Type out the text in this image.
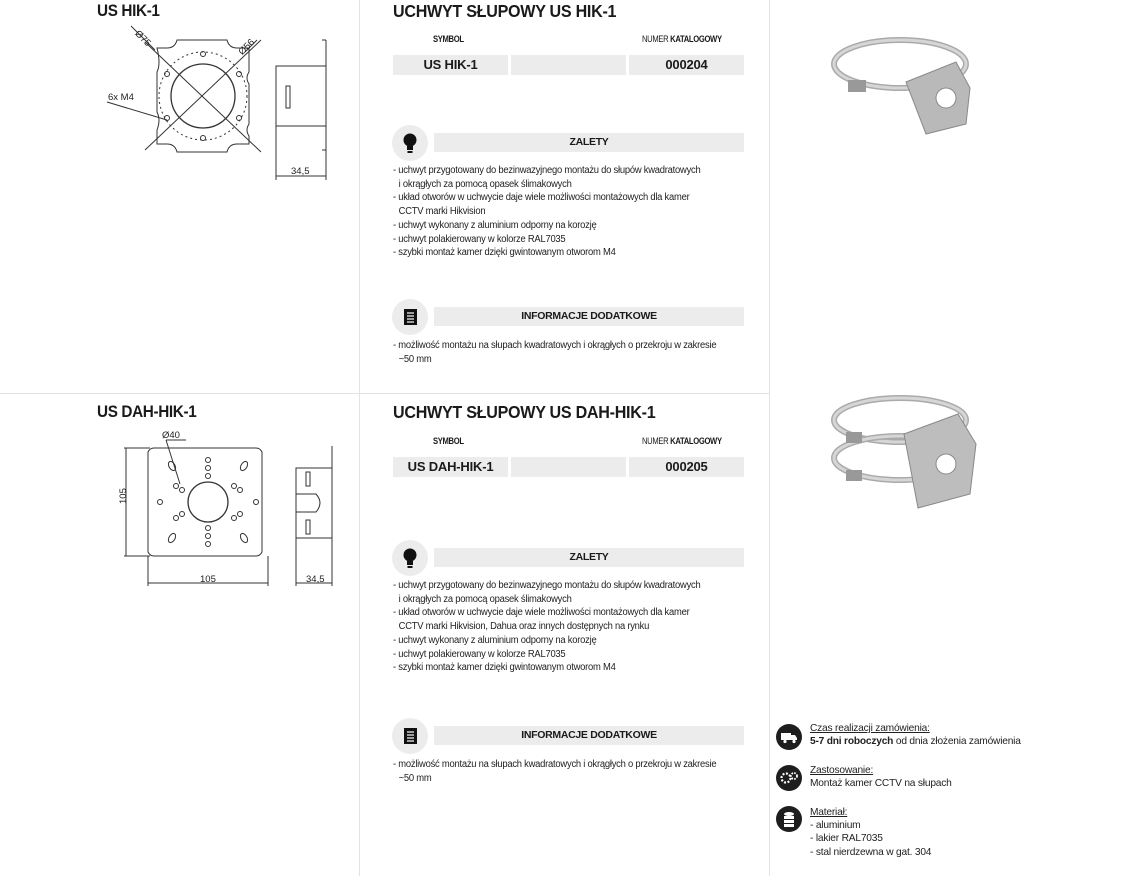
US HIK-1
Ø75	Ø56
6x M4
34,5
UCHWYT SŁUPOWY US HIK-1
SYMBOL	NUMER KATALOGOWY
US HIK-1	000204
ZALETY
- uchwyt przygotowany do bezinwazyjnego montażu do słupów kwadratowych
i okrągłych za pomocą opasek ślimakowych
- układ otworów w uchwycie daje wiele możliwości montażowych dla kamer
CCTV marki Hikvision
- uchwyt wykonany z aluminium odporny na korozję
- uchwyt polakierowany w kolorze RAL7035
- szybki montaż kamer dzięki gwintowanym otworom M4
INFORMACJE DODATKOWE
- możliwość montażu na słupach kwadratowych i okrągłych o przekroju w zakresie
~50 mm
US DAH-HIK-1
Ø40
105
105	34,5
UCHWYT SŁUPOWY US DAH-HIK-1
SYMBOL	NUMER KATALOGOWY
US DAH-HIK-1	000205
ZALETY
- uchwyt przygotowany do bezinwazyjnego montażu do słupów kwadratowych
i okrągłych za pomocą opasek ślimakowych
- układ otworów w uchwycie daje wiele możliwości montażowych dla kamer
CCTV marki Hikvision, Dahua oraz innych dostępnych na rynku
- uchwyt wykonany z aluminium odporny na korozję
- uchwyt polakierowany w kolorze RAL7035
- szybki montaż kamer dzięki gwintowanym otworom M4
INFORMACJE DODATKOWE
- możliwość montażu na słupach kwadratowych i okrągłych o przekroju w zakresie
~50 mm
Czas realizacji zamówienia:
5-7 dni roboczych od dnia złożenia zamówienia
Zastosowanie:
Montaż kamer CCTV na słupach
Materiał:
- aluminium
- lakier RAL7035
- stal nierdzewna w gat. 304
